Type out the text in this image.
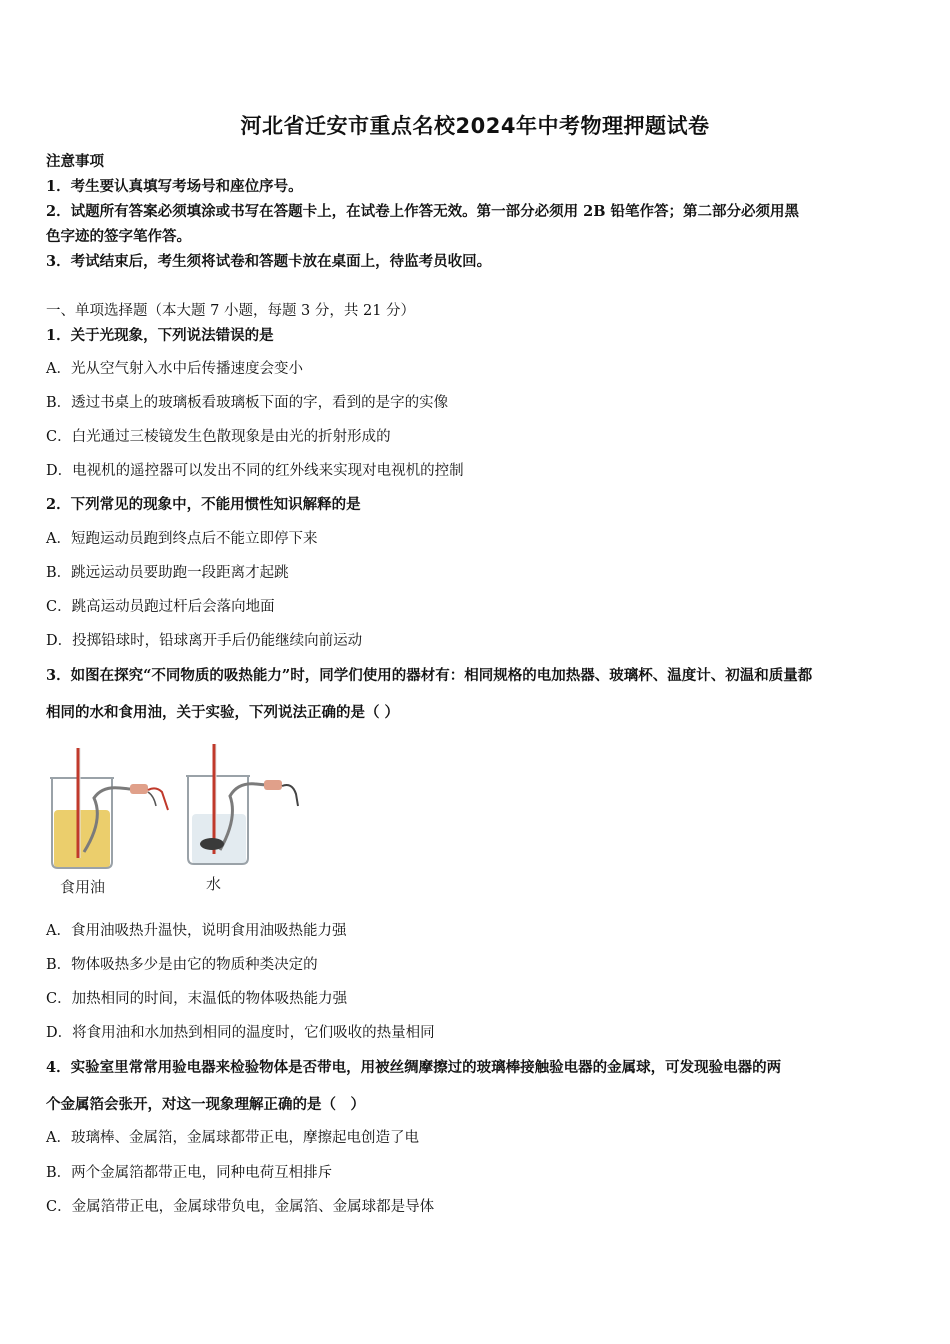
河北省迁安市重点名校2024年中考物理押题试卷
注意事项
1．考生要认真填写考场号和座位序号。
2．试题所有答案必须填涂或书写在答题卡上，在试卷上作答无效。第一部分必须用 2B 铅笔作答；第二部分必须用黑
色字迹的签字笔作答。
3．考试结束后，考生须将试卷和答题卡放在桌面上，待监考员收回。
一、单项选择题（本大题 7 小题，每题 3 分，共 21 分）
1．关于光现象，下列说法错误的是
A．光从空气射入水中后传播速度会变小
B．透过书桌上的玻璃板看玻璃板下面的字，看到的是字的实像
C．白光通过三棱镜发生色散现象是由光的折射形成的
D．电视机的遥控器可以发出不同的红外线来实现对电视机的控制
2．下列常见的现象中，不能用惯性知识解释的是
A．短跑运动员跑到终点后不能立即停下来
B．跳远运动员要助跑一段距离才起跳
C．跳高运动员跑过杆后会落向地面
D．投掷铅球时，铅球离开手后仍能继续向前运动
3．如图在探究“不同物质的吸热能力”时，同学们使用的器材有：相同规格的电加热器、玻璃杯、温度计、初温和质量都
相同的水和食用油，关于实验，下列说法正确的是（ ）
食用油	水
A．食用油吸热升温快，说明食用油吸热能力强
B．物体吸热多少是由它的物质种类决定的
C．加热相同的时间，末温低的物体吸热能力强
D．将食用油和水加热到相同的温度时，它们吸收的热量相同
4．实验室里常常用验电器来检验物体是否带电，用被丝绸摩擦过的玻璃棒接触验电器的金属球，可发现验电器的两
个金属箔会张开，对这一现象理解正确的是（　）
A．玻璃棒、金属箔，金属球都带正电，摩擦起电创造了电
B．两个金属箔都带正电，同种电荷互相排斥
C．金属箔带正电，金属球带负电，金属箔、金属球都是导体
